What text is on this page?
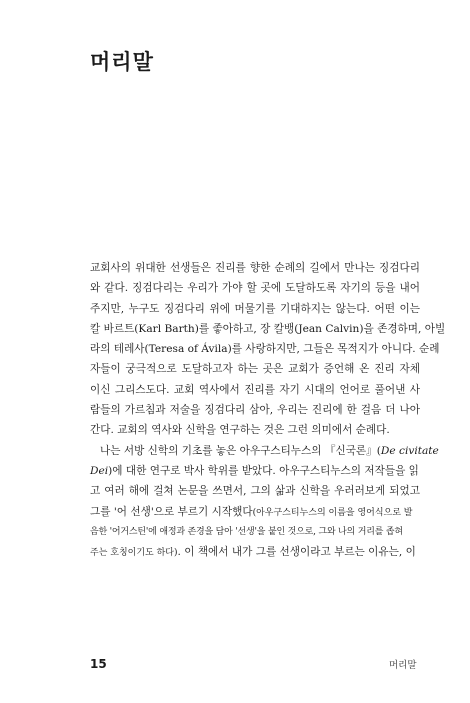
머리말

교회사의 위대한 선생들은 진리를 향한 순례의 길에서 만나는 징검다리
와 같다. 징검다리는 우리가 가야 할 곳에 도달하도록 자기의 등을 내어
주지만, 누구도 징검다리 위에 머물기를 기대하지는 않는다. 어떤 이는
칼 바르트(Karl Barth)를 좋아하고, 장 칼뱅(Jean Calvin)을 존경하며, 아빌
라의 테레사(Teresa of Ávila)를 사랑하지만, 그들은 목적지가 아니다. 순례
자들이 궁극적으로 도달하고자 하는 곳은 교회가 증언해 온 진리 자체
이신 그리스도다. 교회 역사에서 진리를 자기 시대의 언어로 풀어낸 사
람들의 가르침과 저술을 징검다리 삼아, 우리는 진리에 한 걸음 더 나아
간다. 교회의 역사와 신학을 연구하는 것은 그런 의미에서 순례다.

나는 서방 신학의 기초를 놓은 아우구스티누스의 『신국론』(De civitate
Dei)에 대한 연구로 박사 학위를 받았다. 아우구스티누스의 저작들을 읽
고 여러 해에 걸쳐 논문을 쓰면서, 그의 삶과 신학을 우러러보게 되었고
그를 '어 선생'으로 부르기 시작했다(아우구스티누스의 이름을 영어식으로 발
음한 '어거스틴'에 애정과 존경을 담아 '선생'을 붙인 것으로, 그와 나의 거리를 좁혀
주는 호칭이기도 하다). 이 책에서 내가 그를 선생이라고 부르는 이유는, 이

15	머리말
